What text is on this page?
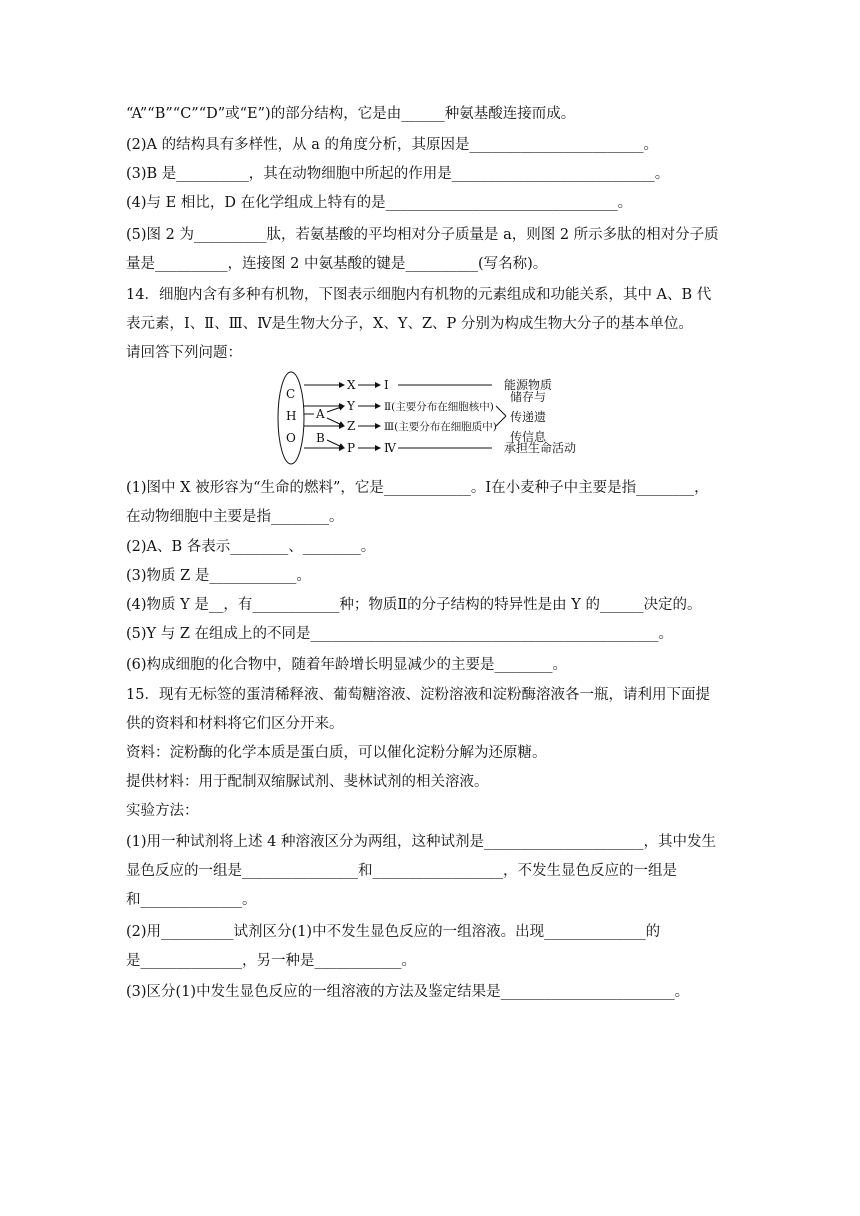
“A”“B”“C”“D”或“E”)的部分结构，它是由______种氨基酸连接而成。
(2)A 的结构具有多样性，从 a 的角度分析，其原因是________________________。
(3)B 是__________，其在动物细胞中所起的作用是____________________________。
(4)与 E 相比，D 在化学组成上特有的是________________________________。
(5)图 2 为__________肽，若氨基酸的平均相对分子质量是 a，则图 2 所示多肽的相对分子质
量是__________，连接图 2 中氨基酸的键是__________(写名称)。
14．细胞内含有多种有机物，下图表示细胞内有机物的元素组成和功能关系，其中 A、B 代
表元素，Ⅰ、Ⅱ、Ⅲ、Ⅳ是生物大分子，X、Y、Z、P 分别为构成生物大分子的基本单位。
请回答下列问题：
C
H
O
X Ⅰ	能源物质
A
Y	Ⅱ(主要分布在细胞核中)
Z	Ⅲ(主要分布在细胞质中)
储存与
传递遗
传信息
B
P Ⅳ	承担生命活动
(1)图中 X 被形容为“生命的燃料”，它是____________。Ⅰ在小麦种子中主要是指________，
在动物细胞中主要是指________。
(2)A、B 各表示________、________。
(3)物质 Z 是____________。
(4)物质 Y 是__，有____________种；物质Ⅱ的分子结构的特异性是由 Y 的______决定的。
(5)Y 与 Z 在组成上的不同是________________________________________________。
(6)构成细胞的化合物中，随着年龄增长明显减少的主要是________。
15．现有无标签的蛋清稀释液、葡萄糖溶液、淀粉溶液和淀粉酶溶液各一瓶，请利用下面提
供的资料和材料将它们区分开来。
资料：淀粉酶的化学本质是蛋白质，可以催化淀粉分解为还原糖。
提供材料：用于配制双缩脲试剂、斐林试剂的相关溶液。
实验方法：
(1)用一种试剂将上述 4 种溶液区分为两组，这种试剂是______________________，其中发生
显色反应的一组是________________和__________________，不发生显色反应的一组是
和______________。
(2)用__________试剂区分(1)中不发生显色反应的一组溶液。出现______________的
是______________，另一种是____________。
(3)区分(1)中发生显色反应的一组溶液的方法及鉴定结果是________________________。
